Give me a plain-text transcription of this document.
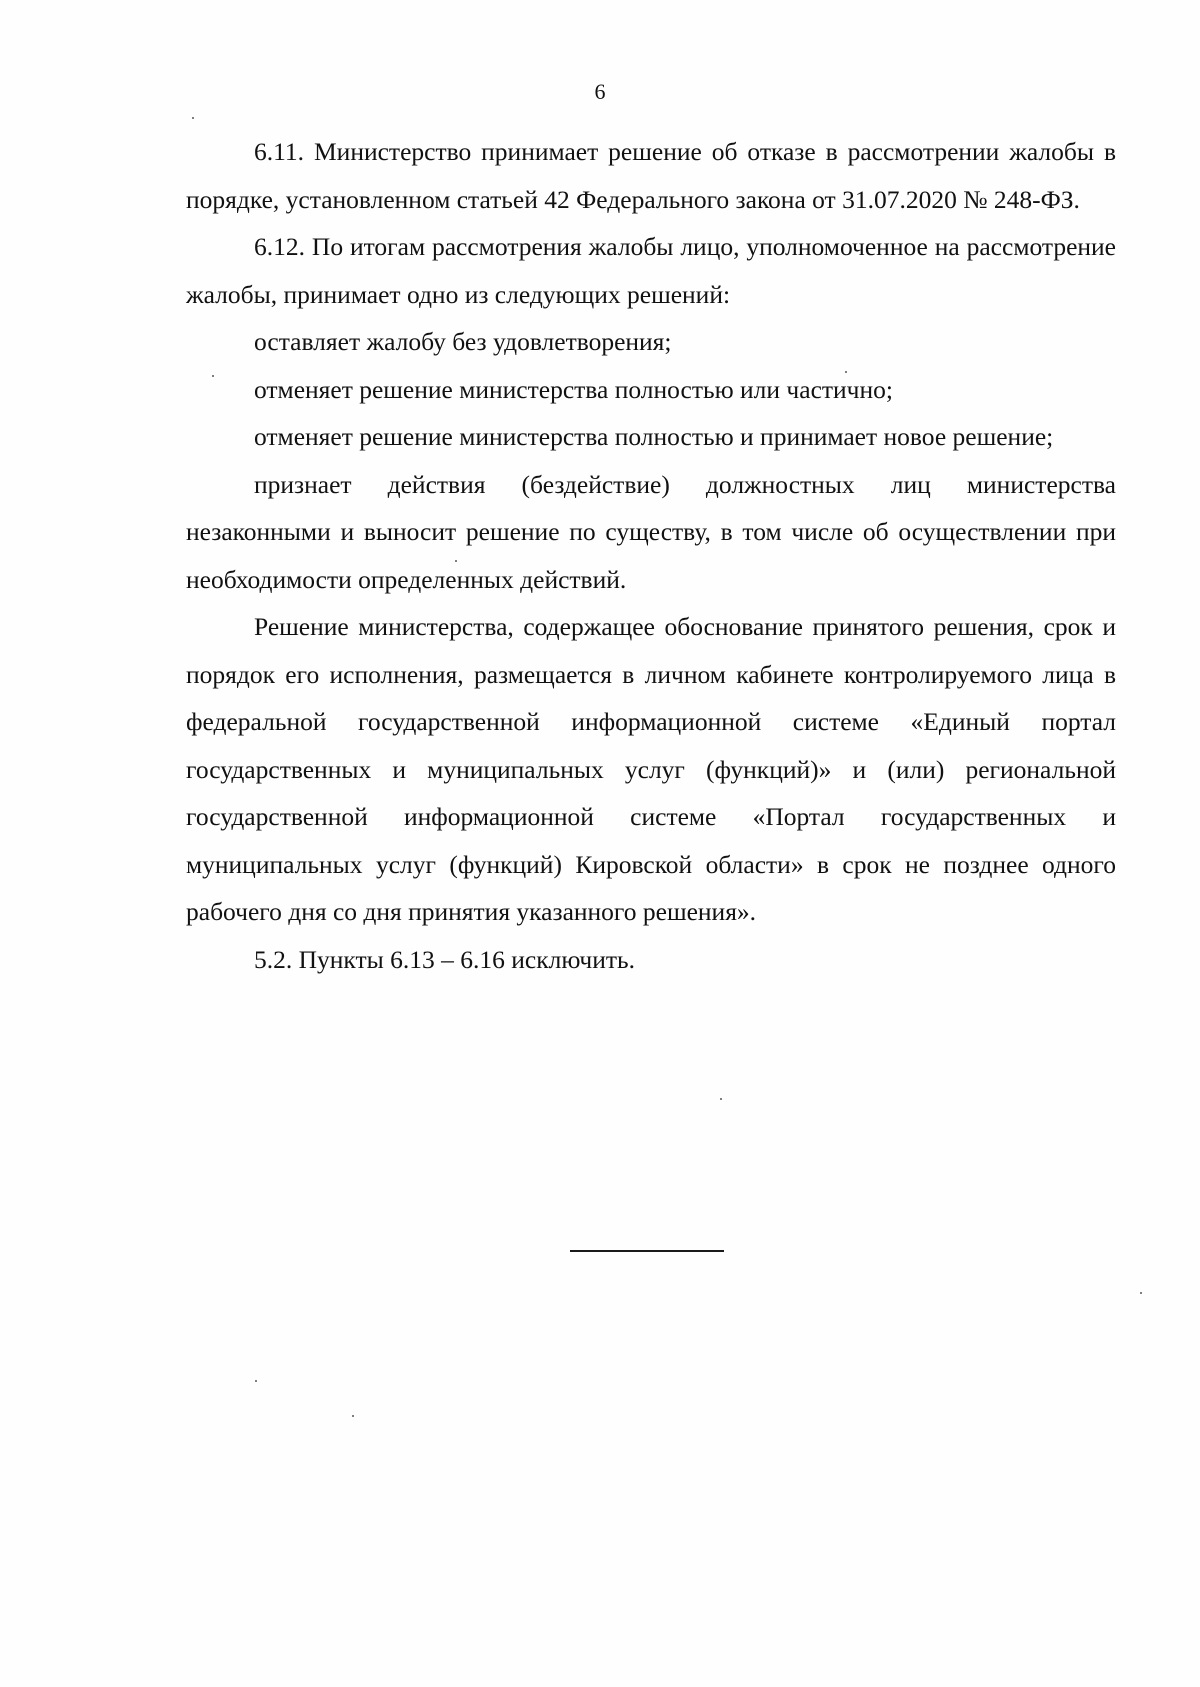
6

6.11. Министерство принимает решение об отказе в рассмотрении жалобы в порядке, установленном статьей 42 Федерального закона от 31.07.2020 № 248-ФЗ.

6.12. По итогам рассмотрения жалобы лицо, уполномоченное на рассмотрение жалобы, принимает одно из следующих решений:

оставляет жалобу без удовлетворения;

отменяет решение министерства полностью или частично;

отменяет решение министерства полностью и принимает новое решение;

признает действия (бездействие) должностных лиц министерства незаконными и выносит решение по существу, в том числе об осуществлении при необходимости определенных действий.

Решение министерства, содержащее обоснование принятого решения, срок и порядок его исполнения, размещается в личном кабинете контролируемого лица в федеральной государственной информационной системе «Единый портал государственных и муниципальных услуг (функций)» и (или) региональной государственной информационной системе «Портал государственных и муниципальных услуг (функций) Кировской области» в срок не позднее одного рабочего дня со дня принятия указанного решения».

5.2. Пункты 6.13 – 6.16 исключить.
